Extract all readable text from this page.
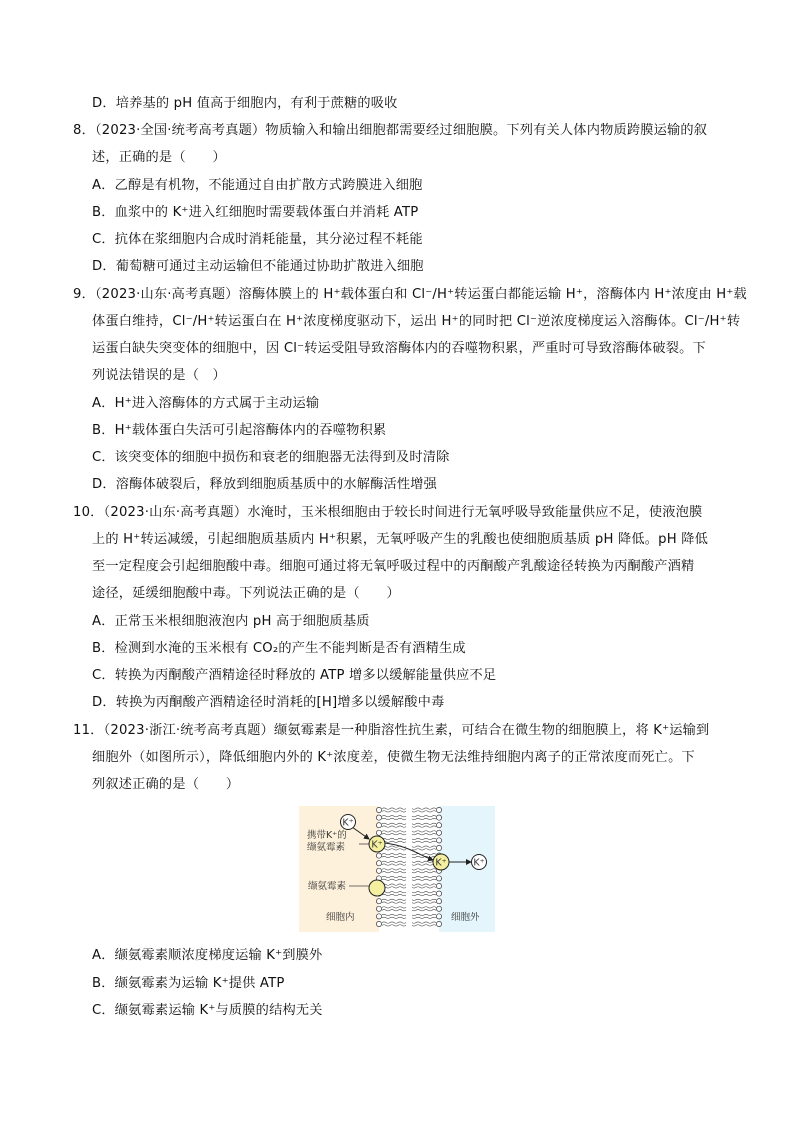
D．培养基的 pH 值高于细胞内，有利于蔗糖的吸收
8．（2023·全国·统考高考真题）物质输入和输出细胞都需要经过细胞膜。下列有关人体内物质跨膜运输的叙
述，正确的是（　　）
A．乙醇是有机物，不能通过自由扩散方式跨膜进入细胞
B．血浆中的 K⁺进入红细胞时需要载体蛋白并消耗 ATP
C．抗体在浆细胞内合成时消耗能量，其分泌过程不耗能
D．葡萄糖可通过主动运输但不能通过协助扩散进入细胞
9．（2023·山东·高考真题）溶酶体膜上的 H⁺载体蛋白和 Cl⁻/H⁺转运蛋白都能运输 H⁺，溶酶体内 H⁺浓度由 H⁺载
体蛋白维持，Cl⁻/H⁺转运蛋白在 H⁺浓度梯度驱动下，运出 H⁺的同时把 Cl⁻逆浓度梯度运入溶酶体。Cl⁻/H⁺转
运蛋白缺失突变体的细胞中，因 Cl⁻转运受阻导致溶酶体内的吞噬物积累，严重时可导致溶酶体破裂。下
列说法错误的是（　）
A．H⁺进入溶酶体的方式属于主动运输
B．H⁺载体蛋白失活可引起溶酶体内的吞噬物积累
C．该突变体的细胞中损伤和衰老的细胞器无法得到及时清除
D．溶酶体破裂后，释放到细胞质基质中的水解酶活性增强
10．（2023·山东·高考真题）水淹时，玉米根细胞由于较长时间进行无氧呼吸导致能量供应不足，使液泡膜
上的 H⁺转运减缓，引起细胞质基质内 H⁺积累，无氧呼吸产生的乳酸也使细胞质基质 pH 降低。pH 降低
至一定程度会引起细胞酸中毒。细胞可通过将无氧呼吸过程中的丙酮酸产乳酸途径转换为丙酮酸产酒精
途径，延缓细胞酸中毒。下列说法正确的是（　　）
A．正常玉米根细胞液泡内 pH 高于细胞质基质
B．检测到水淹的玉米根有 CO₂的产生不能判断是否有酒精生成
C．转换为丙酮酸产酒精途径时释放的 ATP 增多以缓解能量供应不足
D．转换为丙酮酸产酒精途径时消耗的[H]增多以缓解酸中毒
11．（2023·浙江·统考高考真题）缬氨霉素是一种脂溶性抗生素，可结合在微生物的细胞膜上，将 K⁺运输到
细胞外（如图所示），降低细胞内外的 K⁺浓度差，使微生物无法维持细胞内离子的正常浓度而死亡。下
列叙述正确的是（　　）
K⁺
K⁺
K⁺	K⁺
携带K⁺的
缬氨霉素
缬氨霉素
细胞内	细胞外
A．缬氨霉素顺浓度梯度运输 K⁺到膜外
B．缬氨霉素为运输 K⁺提供 ATP
C．缬氨霉素运输 K⁺与质膜的结构无关
